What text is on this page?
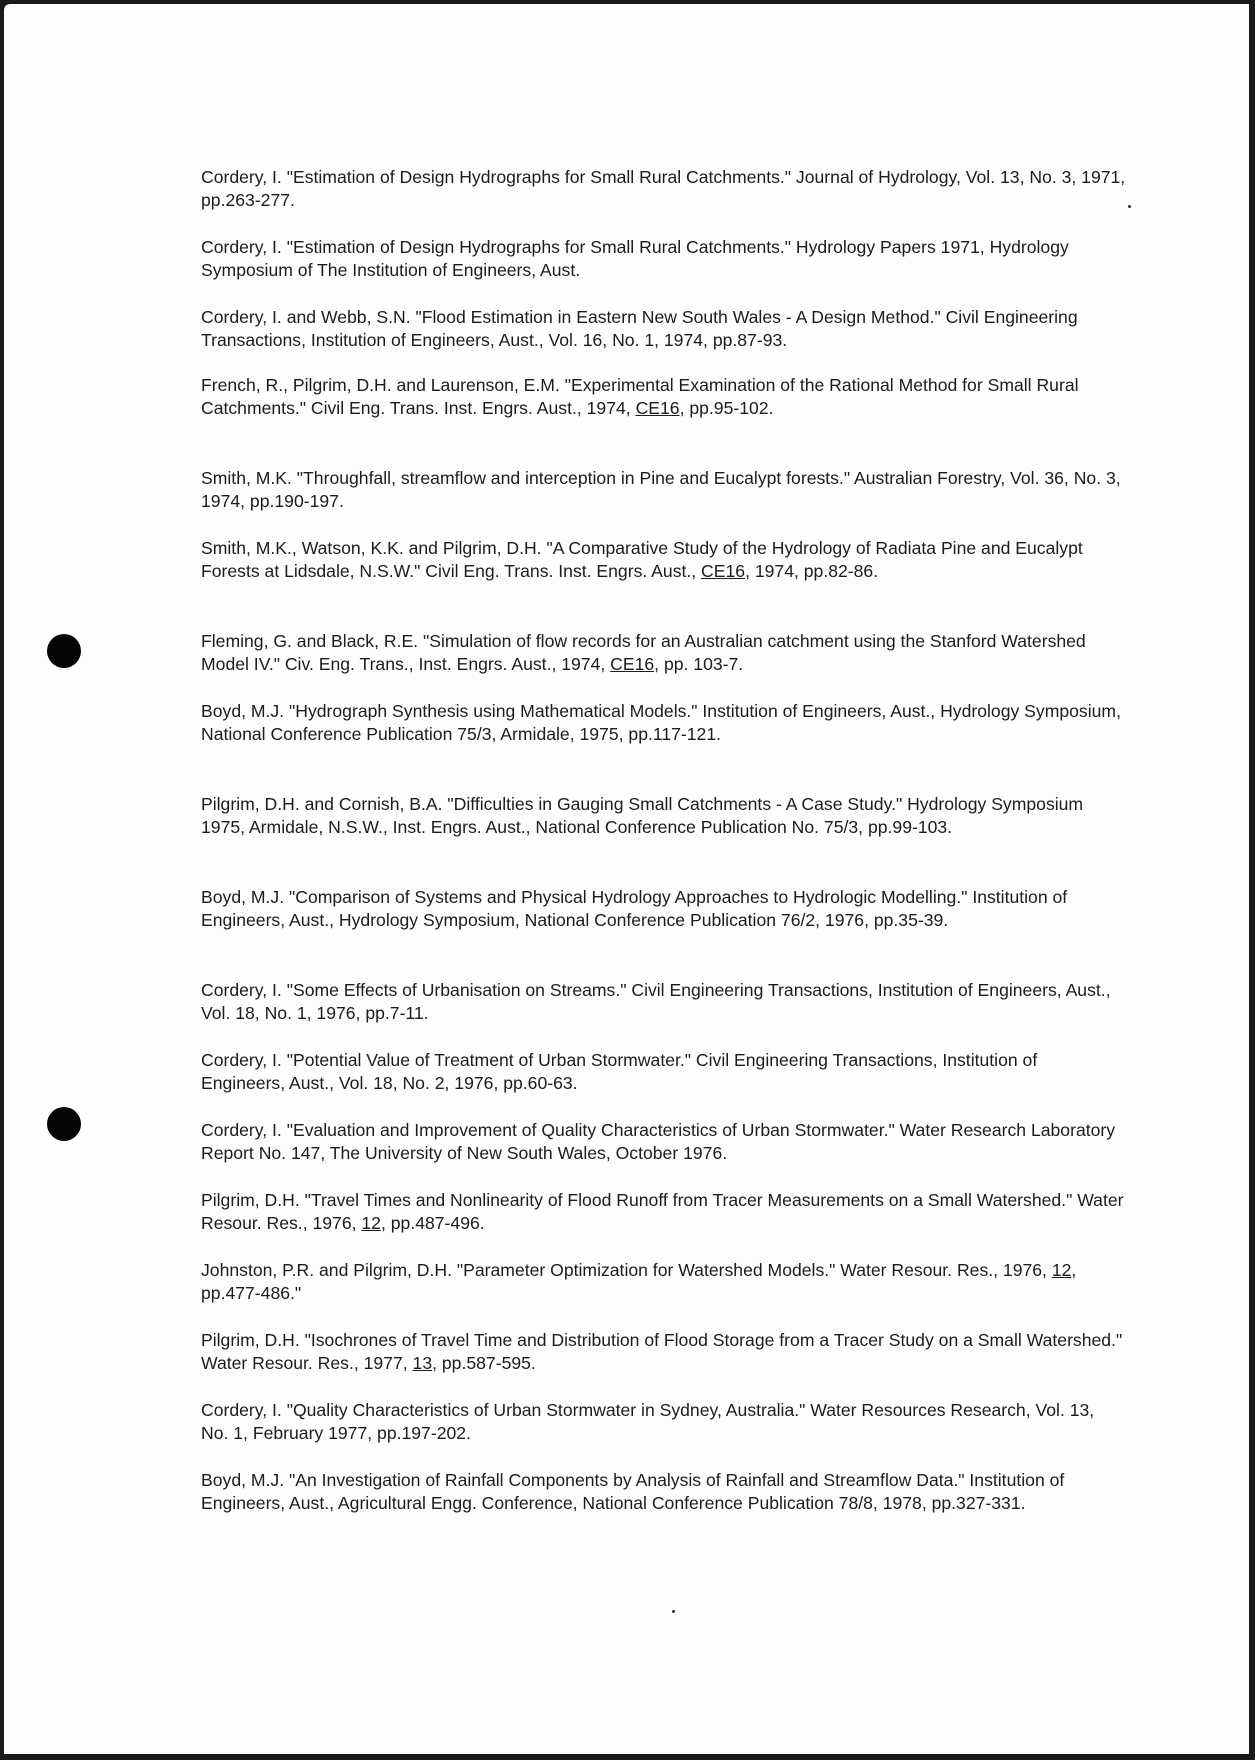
Cordery, I. "Estimation of Design Hydrographs for Small Rural Catchments." Journal of Hydrology, Vol. 13, No. 3, 1971, pp.263-277.

Cordery, I. "Estimation of Design Hydrographs for Small Rural Catchments." Hydrology Papers 1971, Hydrology Symposium of The Institution of Engineers, Aust.

Cordery, I. and Webb, S.N. "Flood Estimation in Eastern New South Wales - A Design Method." Civil Engineering Transactions, Institution of Engineers, Aust., Vol. 16, No. 1, 1974, pp.87-93.

French, R., Pilgrim, D.H. and Laurenson, E.M. "Experimental Examination of the Rational Method for Small Rural Catchments." Civil Eng. Trans. Inst. Engrs. Aust., 1974, CE16, pp.95-102.

Smith, M.K. "Throughfall, streamflow and interception in Pine and Eucalypt forests." Australian Forestry, Vol. 36, No. 3, 1974, pp.190-197.

Smith, M.K., Watson, K.K. and Pilgrim, D.H. "A Comparative Study of the Hydrology of Radiata Pine and Eucalypt Forests at Lidsdale, N.S.W." Civil Eng. Trans. Inst. Engrs. Aust., CE16, 1974, pp.82-86.

Fleming, G. and Black, R.E. "Simulation of flow records for an Australian catchment using the Stanford Watershed Model IV." Civ. Eng. Trans., Inst. Engrs. Aust., 1974, CE16, pp. 103-7.

Boyd, M.J. "Hydrograph Synthesis using Mathematical Models." Institution of Engineers, Aust., Hydrology Symposium, National Conference Publication 75/3, Armidale, 1975, pp.117-121.

Pilgrim, D.H. and Cornish, B.A. "Difficulties in Gauging Small Catchments - A Case Study." Hydrology Symposium 1975, Armidale, N.S.W., Inst. Engrs. Aust., National Conference Publication No. 75/3, pp.99-103.

Boyd, M.J. "Comparison of Systems and Physical Hydrology Approaches to Hydrologic Modelling." Institution of Engineers, Aust., Hydrology Symposium, National Conference Publication 76/2, 1976, pp.35-39.

Cordery, I. "Some Effects of Urbanisation on Streams." Civil Engineering Transactions, Institution of Engineers, Aust., Vol. 18, No. 1, 1976, pp.7-11.

Cordery, I. "Potential Value of Treatment of Urban Stormwater." Civil Engineering Transactions, Institution of Engineers, Aust., Vol. 18, No. 2, 1976, pp.60-63.

Cordery, I. "Evaluation and Improvement of Quality Characteristics of Urban Stormwater." Water Research Laboratory Report No. 147, The University of New South Wales, October 1976.

Pilgrim, D.H. "Travel Times and Nonlinearity of Flood Runoff from Tracer Measurements on a Small Watershed." Water Resour. Res., 1976, 12, pp.487-496.

Johnston, P.R. and Pilgrim, D.H. "Parameter Optimization for Watershed Models." Water Resour. Res., 1976, 12, pp.477-486."

Pilgrim, D.H. "Isochrones of Travel Time and Distribution of Flood Storage from a Tracer Study on a Small Watershed." Water Resour. Res., 1977, 13, pp.587-595.

Cordery, I. "Quality Characteristics of Urban Stormwater in Sydney, Australia." Water Resources Research, Vol. 13, No. 1, February 1977, pp.197-202.

Boyd, M.J. "An Investigation of Rainfall Components by Analysis of Rainfall and Streamflow Data." Institution of Engineers, Aust., Agricultural Engg. Conference, National Conference Publication 78/8, 1978, pp.327-331.
